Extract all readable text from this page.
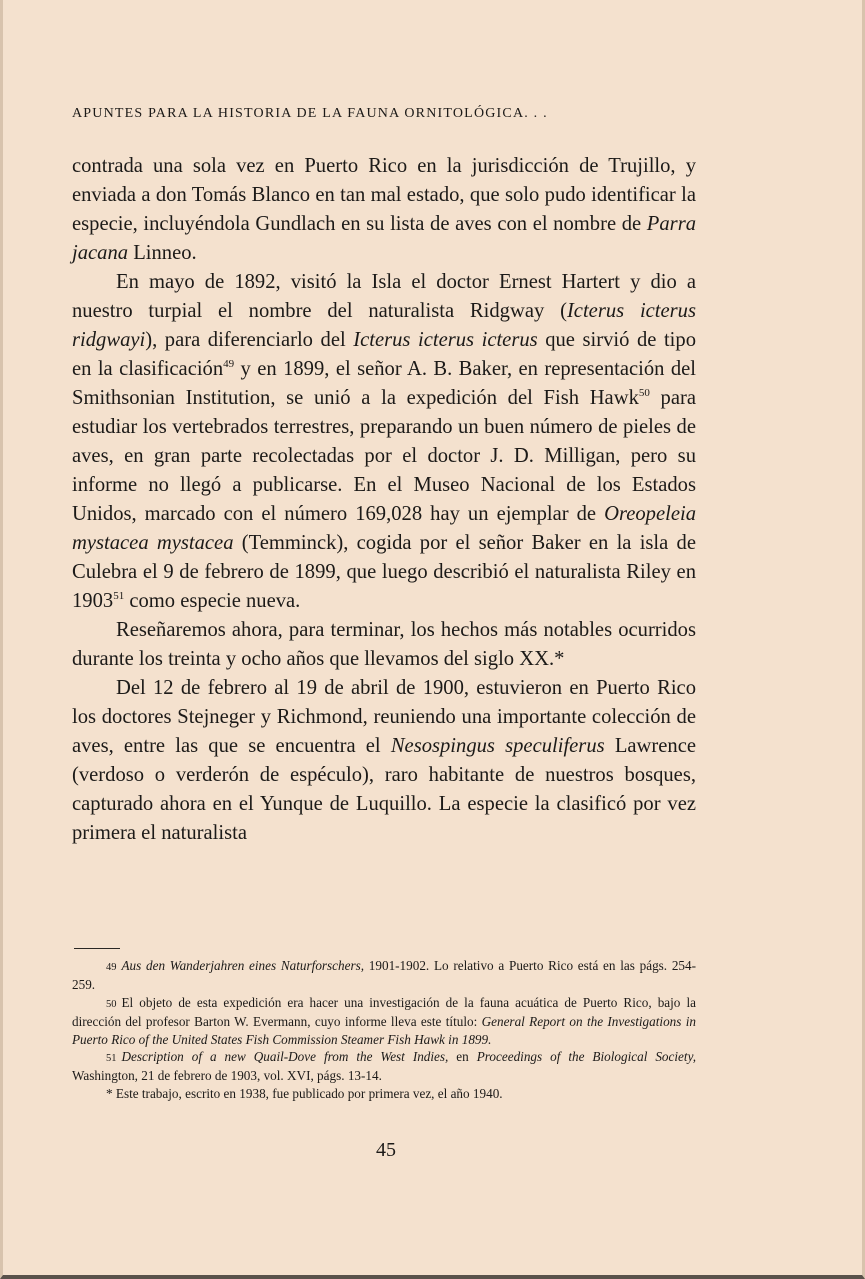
APUNTES PARA LA HISTORIA DE LA FAUNA ORNITOLÓGICA. . .

contrada una sola vez en Puerto Rico en la jurisdicción de Trujillo, y enviada a don Tomás Blanco en tan mal estado, que solo pudo identificar la especie, incluyéndola Gundlach en su lista de aves con el nombre de Parra jacana Linneo.

En mayo de 1892, visitó la Isla el doctor Ernest Hartert y dio a nuestro turpial el nombre del naturalista Ridgway (Icterus icterus ridgwayi), para diferenciarlo del Icterus icterus icterus que sirvió de tipo en la clasificación$^{49}$ y en 1899, el señor A. B. Baker, en representación del Smithsonian Institution, se unió a la expedición del Fish Hawk$^{50}$ para estudiar los vertebrados terrestres, preparando un buen número de pieles de aves, en gran parte recolectadas por el doctor J. D. Milligan, pero su informe no llegó a publicarse. En el Museo Nacional de los Estados Unidos, marcado con el número 169,028 hay un ejemplar de Oreopeleia mystacea mystacea (Temminck), cogida por el señor Baker en la isla de Culebra el 9 de febrero de 1899, que luego describió el naturalista Riley en 1903$^{51}$ como especie nueva.

Reseñaremos ahora, para terminar, los hechos más notables ocurridos durante los treinta y ocho años que llevamos del siglo XX.*

Del 12 de febrero al 19 de abril de 1900, estuvieron en Puerto Rico los doctores Stejneger y Richmond, reuniendo una importante colección de aves, entre las que se encuentra el Nesospingus speculiferus Lawrence (verdoso o verderón de espéculo), raro habitante de nuestros bosques, capturado ahora en el Yunque de Luquillo. La especie la clasificó por vez primera el naturalista

49 Aus den Wanderjahren eines Naturforschers, 1901-1902. Lo relativo a Puerto Rico está en las págs. 254-259.

50 El objeto de esta expedición era hacer una investigación de la fauna acuática de Puerto Rico, bajo la dirección del profesor Barton W. Evermann, cuyo informe lleva este título: General Report on the Investigations in Puerto Rico of the United States Fish Commission Steamer Fish Hawk in 1899.

51 Description of a new Quail-Dove from the West Indies, en Proceedings of the Biological Society, Washington, 21 de febrero de 1903, vol. XVI, págs. 13-14.

* Este trabajo, escrito en 1938, fue publicado por primera vez, el año 1940.

45
